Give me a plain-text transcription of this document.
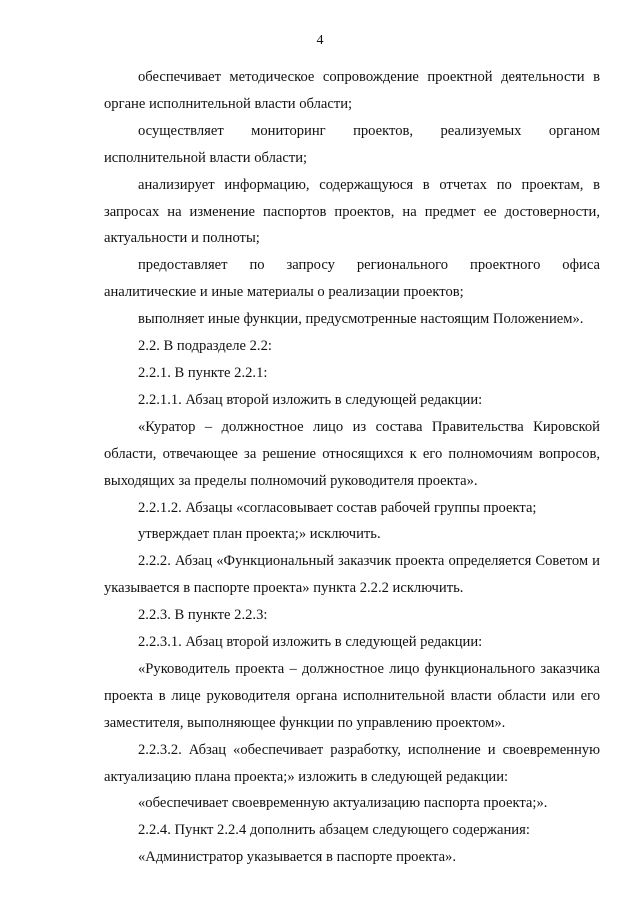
4

обеспечивает методическое сопровождение проектной деятельности в органе исполнительной власти области;

осуществляет мониторинг проектов, реализуемых органом исполнительной власти области;

анализирует информацию, содержащуюся в отчетах по проектам, в запросах на изменение паспортов проектов, на предмет ее достоверности, актуальности и полноты;

предоставляет по запросу регионального проектного офиса аналитические и иные материалы о реализации проектов;

выполняет иные функции, предусмотренные настоящим Положением».

2.2. В подразделе 2.2:

2.2.1. В пункте 2.2.1:

2.2.1.1. Абзац второй изложить в следующей редакции:

«Куратор – должностное лицо из состава Правительства Кировской области, отвечающее за решение относящихся к его полномочиям вопросов, выходящих за пределы полномочий руководителя проекта».

2.2.1.2. Абзацы «согласовывает состав рабочей группы проекта;

утверждает план проекта;» исключить.

2.2.2. Абзац «Функциональный заказчик проекта определяется Советом и указывается в паспорте проекта» пункта 2.2.2 исключить.

2.2.3. В пункте 2.2.3:

2.2.3.1. Абзац второй изложить в следующей редакции:

«Руководитель проекта – должностное лицо функционального заказчика проекта в лице руководителя органа исполнительной власти области или его заместителя, выполняющее функции по управлению проектом».

2.2.3.2. Абзац «обеспечивает разработку, исполнение и своевременную актуализацию плана проекта;» изложить в следующей редакции:

«обеспечивает своевременную актуализацию паспорта проекта;».

2.2.4. Пункт 2.2.4 дополнить абзацем следующего содержания:

«Администратор указывается в паспорте проекта».
